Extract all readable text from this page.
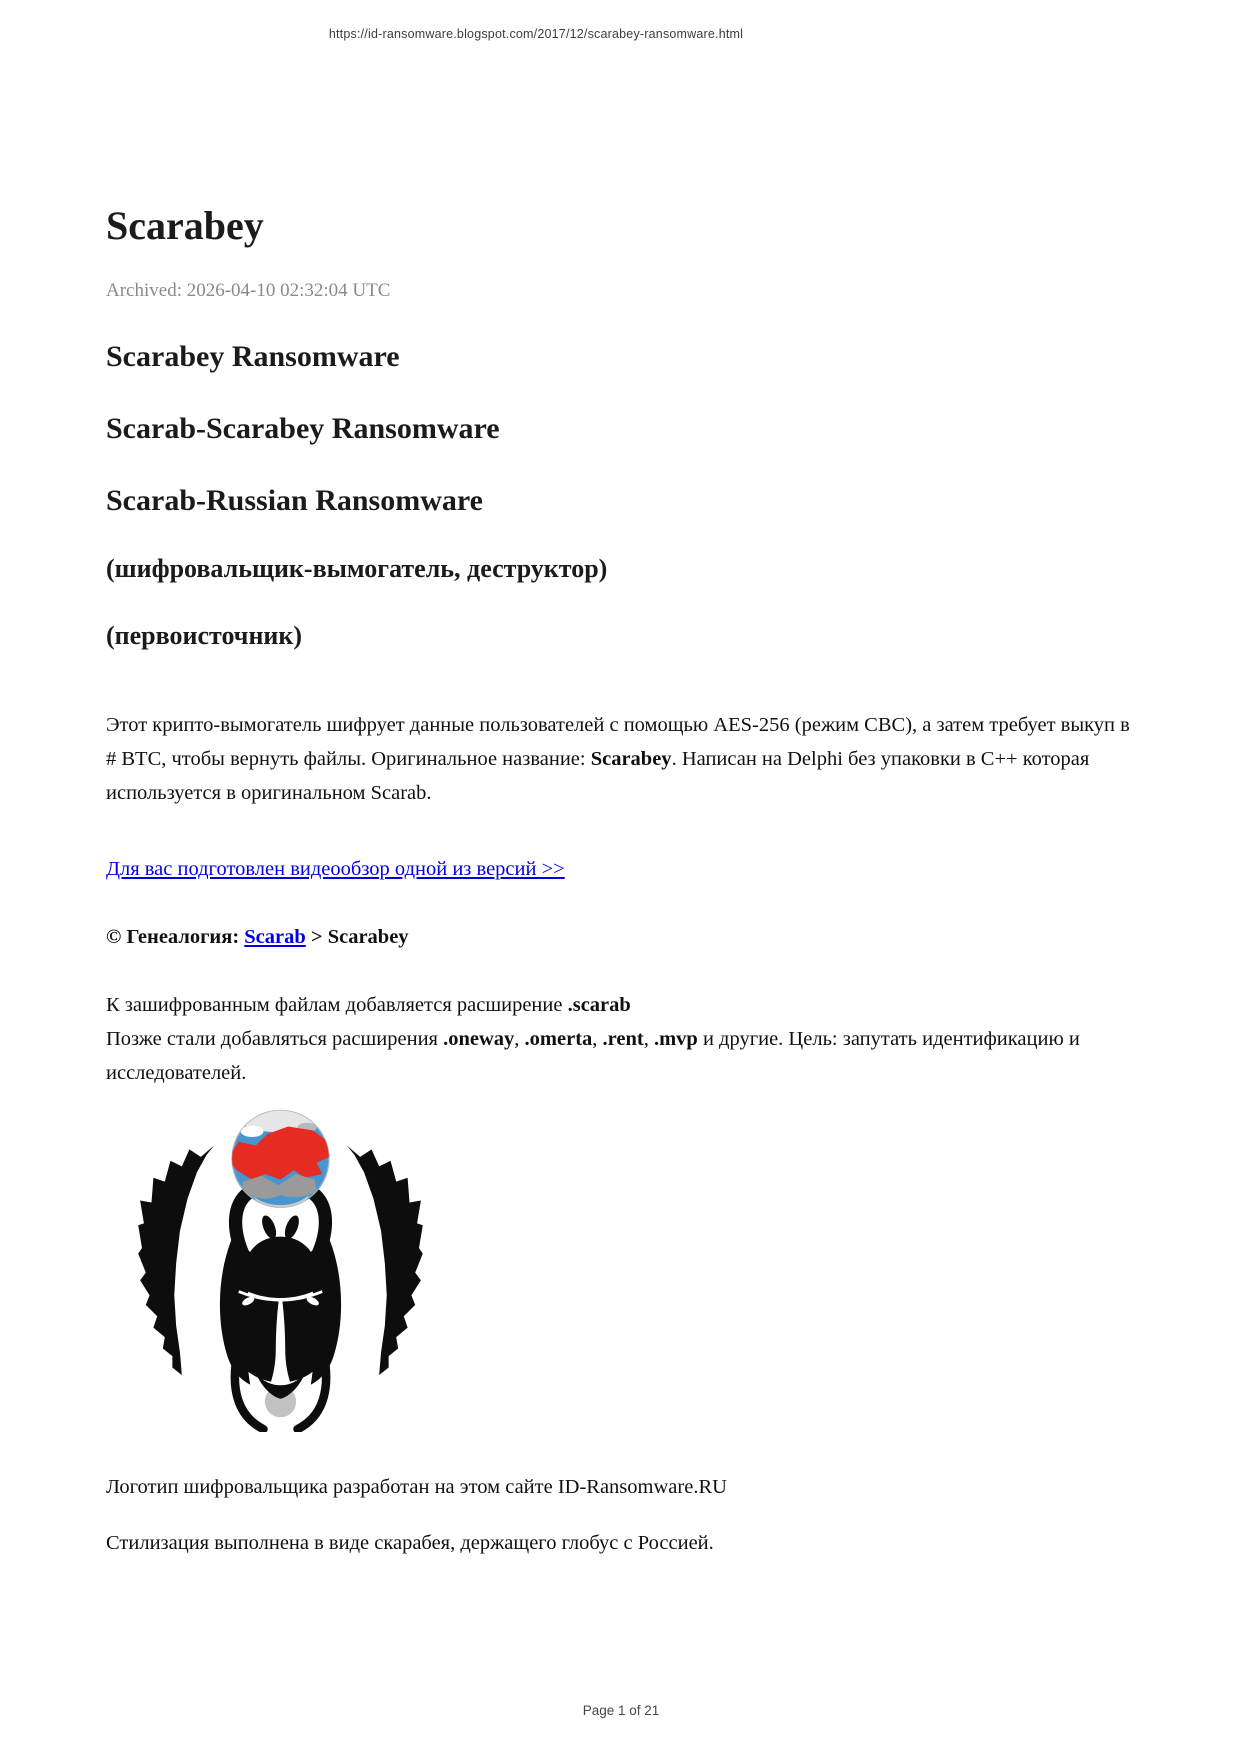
https://id-ransomware.blogspot.com/2017/12/scarabey-ransomware.html
Scarabey

Archived: 2026-04-10 02:32:04 UTC

Scarabey Ransomware
Scarab-Scarabey Ransomware
Scarab-Russian Ransomware
(шифровальщик-вымогатель, деструктор)
(первоисточник)

Этот крипто-вымогатель шифрует данные пользователей с помощью AES-256 (режим CBC), а затем требует выкуп в # BTC, чтобы вернуть файлы. Оригинальное название: Scarabey. Написан на Delphi без упаковки в C++ которая используется в оригинальном Scarab.

Для вас подготовлен видеообзор одной из версий >>

© Генеалогия: Scarab > Scarabey

К зашифрованным файлам добавляется расширение .scarab
Позже стали добавляться расширения .oneway, .omerta, .rent, .mvp и другие. Цель: запутать идентификацию и исследователей.

Логотип шифровальщика разработан на этом сайте ID-Ransomware.RU

Стилизация выполнена в виде скарабея, держащего глобус с Россией.

Page 1 of 21
